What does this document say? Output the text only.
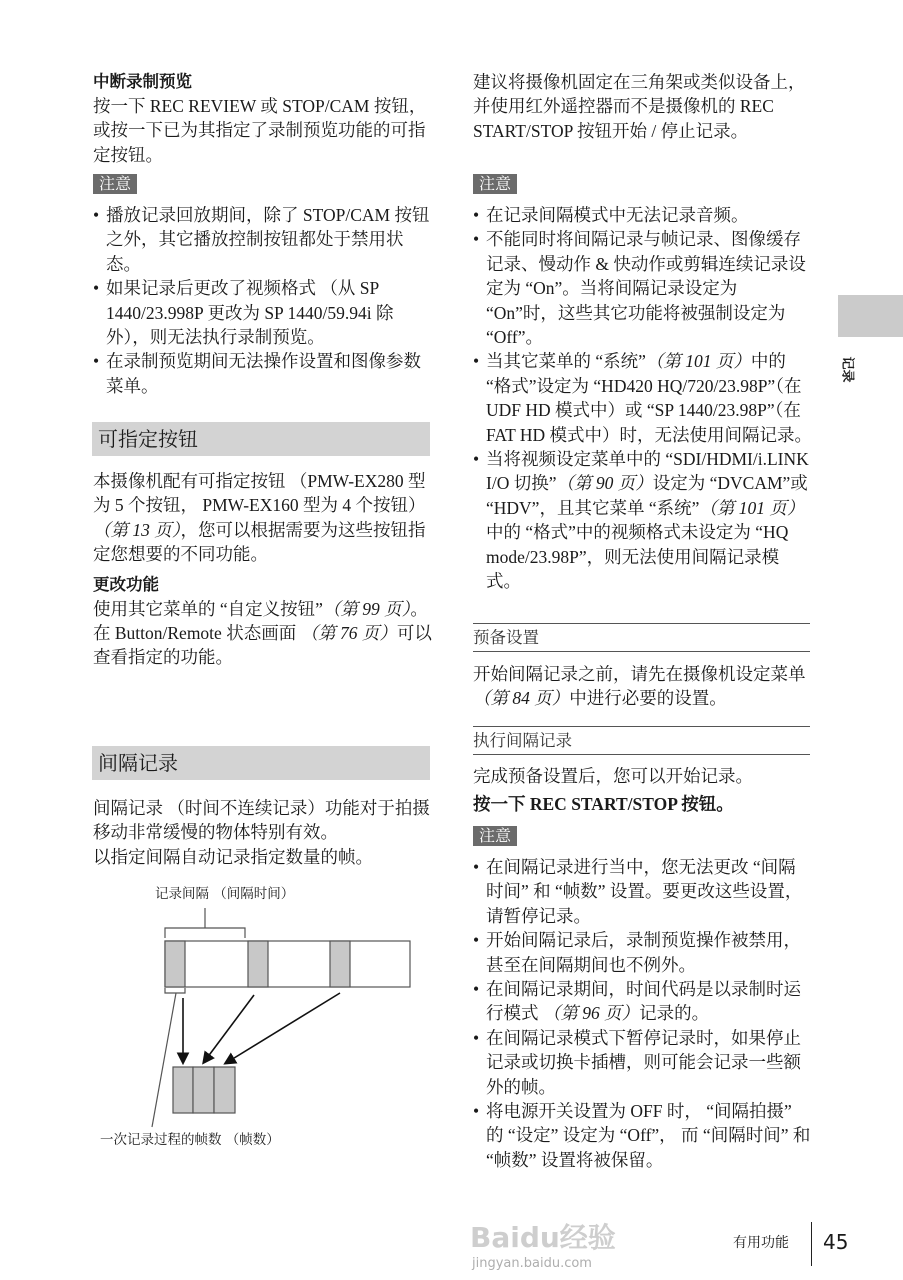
中断录制预览
按一下 REC REVIEW 或 STOP/CAM 按钮，或按一下已为其指定了录制预览功能的可指定按钮。
注意
• 播放记录回放期间，除了 STOP/CAM 按钮之外，其它播放控制按钮都处于禁用状态。
• 如果记录后更改了视频格式 （从 SP 1440/23.998P 更改为 SP 1440/59.94i 除外），则无法执行录制预览。
• 在录制预览期间无法操作设置和图像参数菜单。
可指定按钮
本摄像机配有可指定按钮 （PMW-EX280 型为 5 个按钮， PMW-EX160 型为 4 个按钮）（第 13 页），您可以根据需要为这些按钮指定您想要的不同功能。
更改功能
使用其它菜单的 “自定义按钮”（第 99 页）。
在 Button/Remote 状态画面 （第 76 页）可以查看指定的功能。
间隔记录
间隔记录 （时间不连续记录）功能对于拍摄移动非常缓慢的物体特别有效。
以指定间隔自动记录指定数量的帧。
记录间隔 （间隔时间）
一次记录过程的帧数 （帧数）
建议将摄像机固定在三角架或类似设备上，并使用红外遥控器而不是摄像机的 REC START/STOP 按钮开始 / 停止记录。
注意
• 在记录间隔模式中无法记录音频。
• 不能同时将间隔记录与帧记录、图像缓存记录、慢动作 & 快动作或剪辑连续记录设定为 “On”。当将间隔记录设定为 “On”时，这些其它功能将被强制设定为 “Off”。
• 当其它菜单的 “系统”（第 101 页）中的 “格式”设定为 “HD420 HQ/720/23.98P”（在 UDF HD 模式中）或 “SP 1440/23.98P”（在 FAT HD 模式中）时，无法使用间隔记录。
• 当将视频设定菜单中的 “SDI/HDMI/i.LINK I/O 切换”（第 90 页）设定为 “DVCAM”或 “HDV”，且其它菜单 “系统”（第 101 页）中的 “格式”中的视频格式未设定为 “HQ mode/23.98P”，则无法使用间隔记录模式。
预备设置
开始间隔记录之前，请先在摄像机设定菜单 （第 84 页）中进行必要的设置。
执行间隔记录
完成预备设置后，您可以开始记录。
按一下 REC START/STOP 按钮。
注意
• 在间隔记录进行当中，您无法更改 “间隔时间” 和 “帧数” 设置。要更改这些设置，请暂停记录。
• 开始间隔记录后，录制预览操作被禁用，甚至在间隔期间也不例外。
• 在间隔记录期间，时间代码是以录制时运行模式 （第 96 页）记录的。
• 在间隔记录模式下暂停记录时，如果停止记录或切换卡插槽，则可能会记录一些额外的帧。
• 将电源开关设置为 OFF 时， “间隔拍摄” 的 “设定” 设定为 “Off”， 而 “间隔时间” 和 “帧数” 设置将被保留。
记录
Baidu经验
jingyan.baidu.com
有用功能 45
